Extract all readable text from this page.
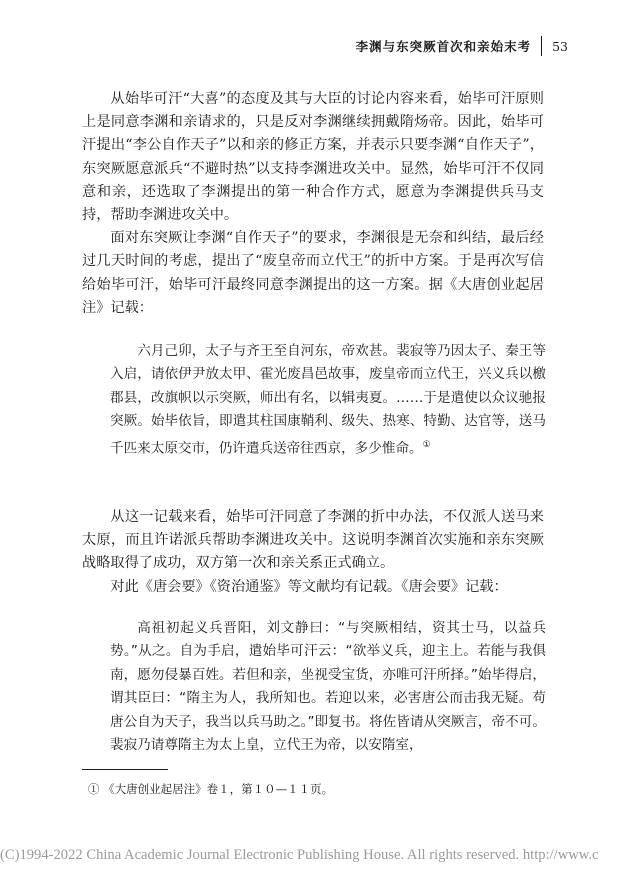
李渊与东突厥首次和亲始末考 53

从始毕可汗“大喜”的态度及其与大臣的讨论内容来看，始毕可汗原则上是同意李渊和亲请求的，只是反对李渊继续拥戴隋炀帝。因此，始毕可汗提出“李公自作天子”以和亲的修正方案，并表示只要李渊“自作天子”，东突厥愿意派兵“不避时热”以支持李渊进攻关中。显然，始毕可汗不仅同意和亲，还选取了李渊提出的第一种合作方式，愿意为李渊提供兵马支持，帮助李渊进攻关中。

面对东突厥让李渊“自作天子”的要求，李渊很是无奈和纠结，最后经过几天时间的考虑，提出了“废皇帝而立代王”的折中方案。于是再次写信给始毕可汗，始毕可汗最终同意李渊提出的这一方案。据《大唐创业起居注》记载：

六月己卯，太子与齐王至自河东，帝欢甚。裴寂等乃因太子、秦王等入启，请依伊尹放太甲、霍光废昌邑故事，废皇帝而立代王，兴义兵以檄郡县，改旗帜以示突厥，师出有名，以辑夷夏。……于是遣使以众议驰报突厥。始毕依旨，即遣其柱国康鞘利、级失、热寒、特勤、达官等，送马千匹来太原交市，仍许遣兵送帝往西京，多少惟命。①

从这一记载来看，始毕可汗同意了李渊的折中办法，不仅派人送马来太原，而且许诺派兵帮助李渊进攻关中。这说明李渊首次实施和亲东突厥战略取得了成功，双方第一次和亲关系正式确立。

对此《唐会要》《资治通鉴》等文献均有记载。《唐会要》记载：

高祖初起义兵晋阳，刘文静曰：“与突厥相结，资其士马，以益兵势。”从之。自为手启，遣始毕可汗云：“欲举义兵，迎主上。若能与我俱南，愿勿侵暴百姓。若但和亲，坐视受宝货，亦唯可汗所择。”始毕得启，谓其臣曰：“隋主为人，我所知也。若迎以来，必害唐公而击我无疑。苟唐公自为天子，我当以兵马助之。”即复书。将佐皆请从突厥言，帝不可。裴寂乃请尊隋主为太上皇，立代王为帝，以安隋室，

① 《大唐创业起居注》卷１，第１０—１１页。
(C)1994-2022 China Academic Journal Electronic Publishing House. All rights reserved. http://www.c
